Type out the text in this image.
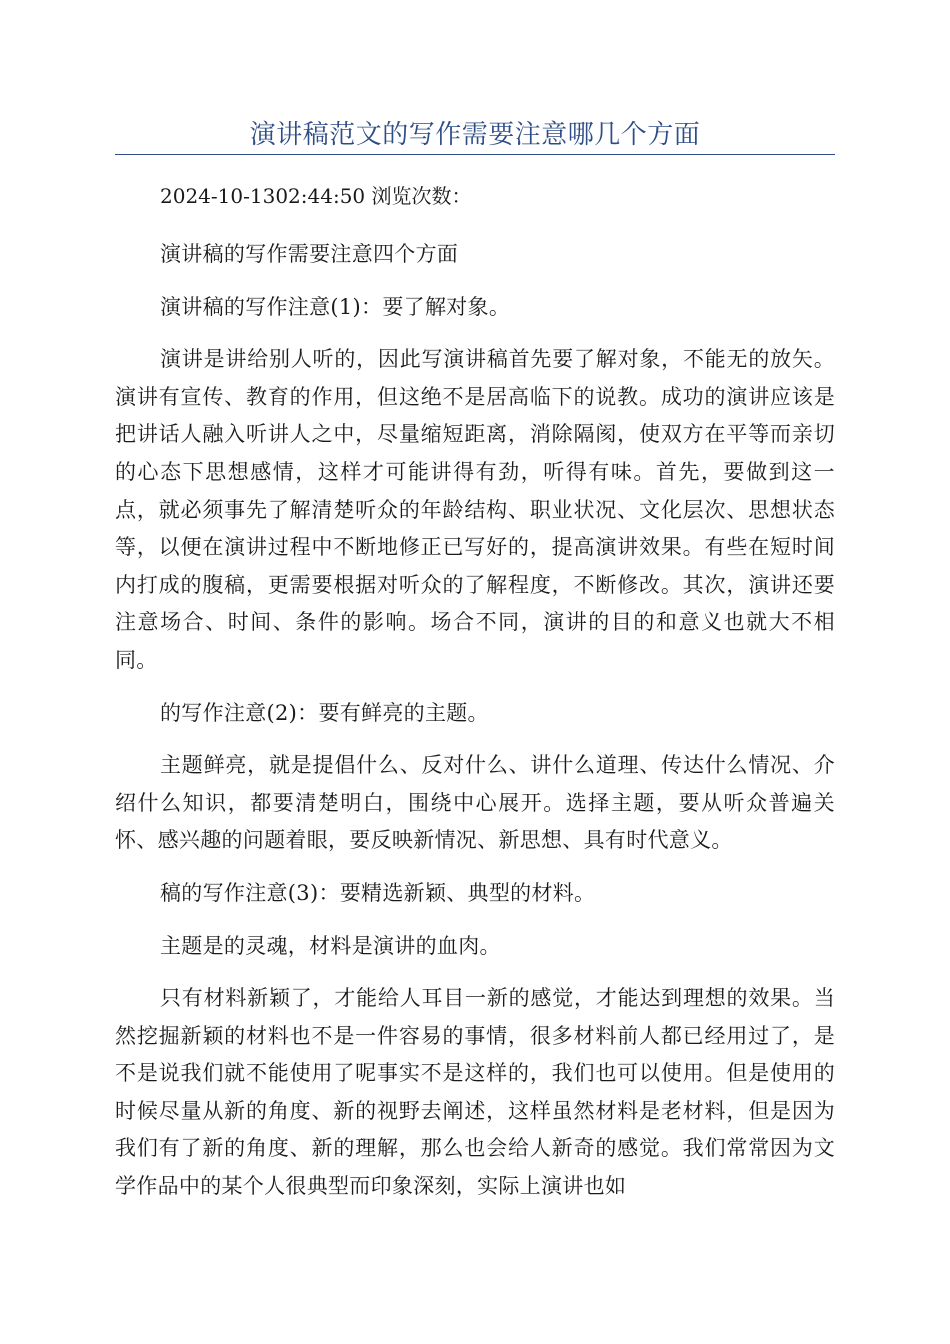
演讲稿范文的写作需要注意哪几个方面

2024-10-1302:44:50 浏览次数：

演讲稿的写作需要注意四个方面

演讲稿的写作注意(1)：要了解对象。

演讲是讲给别人听的，因此写演讲稿首先要了解对象，不能无的放矢。演讲有宣传、教育的作用，但这绝不是居高临下的说教。成功的演讲应该是把讲话人融入听讲人之中，尽量缩短距离，消除隔阂，使双方在平等而亲切的心态下思想感情，这样才可能讲得有劲，听得有味。首先，要做到这一点，就必须事先了解清楚听众的年龄结构、职业状况、文化层次、思想状态等，以便在演讲过程中不断地修正已写好的，提高演讲效果。有些在短时间内打成的腹稿，更需要根据对听众的了解程度，不断修改。其次，演讲还要注意场合、时间、条件的影响。场合不同，演讲的目的和意义也就大不相同。

的写作注意(2)：要有鲜亮的主题。

主题鲜亮，就是提倡什么、反对什么、讲什么道理、传达什么情况、介绍什么知识，都要清楚明白，围绕中心展开。选择主题，要从听众普遍关怀、感兴趣的问题着眼，要反映新情况、新思想、具有时代意义。

稿的写作注意(3)：要精选新颖、典型的材料。

主题是的灵魂，材料是演讲的血肉。

只有材料新颖了，才能给人耳目一新的感觉，才能达到理想的效果。当然挖掘新颖的材料也不是一件容易的事情，很多材料前人都已经用过了，是不是说我们就不能使用了呢事实不是这样的，我们也可以使用。但是使用的时候尽量从新的角度、新的视野去阐述，这样虽然材料是老材料，但是因为我们有了新的角度、新的理解，那么也会给人新奇的感觉。我们常常因为文学作品中的某个人很典型而印象深刻，实际上演讲也如
